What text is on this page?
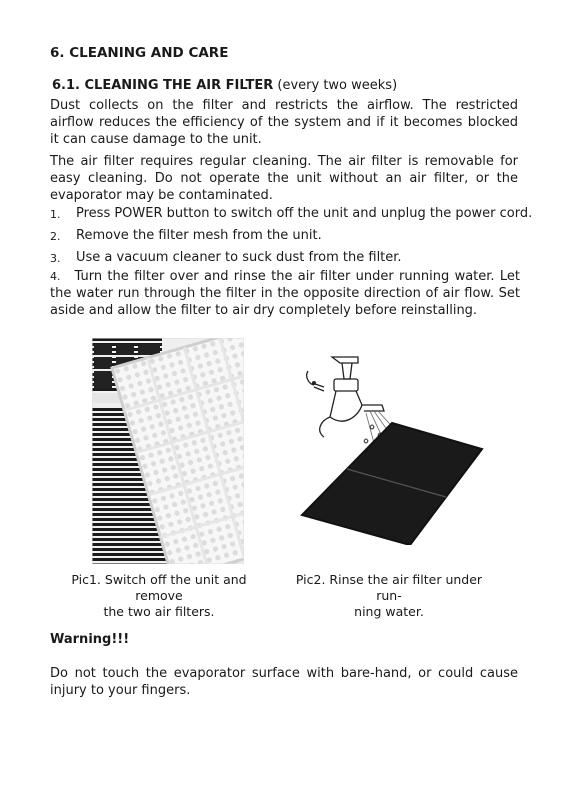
6. CLEANING AND CARE
6.1. CLEANING THE AIR FILTER (every two weeks)

Dust collects on the filter and restricts the airflow. The restricted airflow reduces the efficiency of the system and if it becomes blocked it can cause damage to the unit.

The air filter requires regular cleaning. The air filter is removable for easy cleaning. Do not operate the unit without an air filter, or the evaporator may be contaminated.

1. Press POWER button to switch off the unit and unplug the power cord.
2. Remove the filter mesh from the unit.
3. Use a vacuum cleaner to suck dust from the filter.
4. Turn the filter over and rinse the air filter under running water. Let the water run through the filter in the opposite direction of air flow. Set aside and allow the filter to air dry completely before reinstalling.
Pic1. Switch off the unit and remove
the two air filters.
Pic2. Rinse the air filter under run-
ning water.
Warning!!!

Do not touch the evaporator surface with bare-hand, or could cause injury to your fingers.
